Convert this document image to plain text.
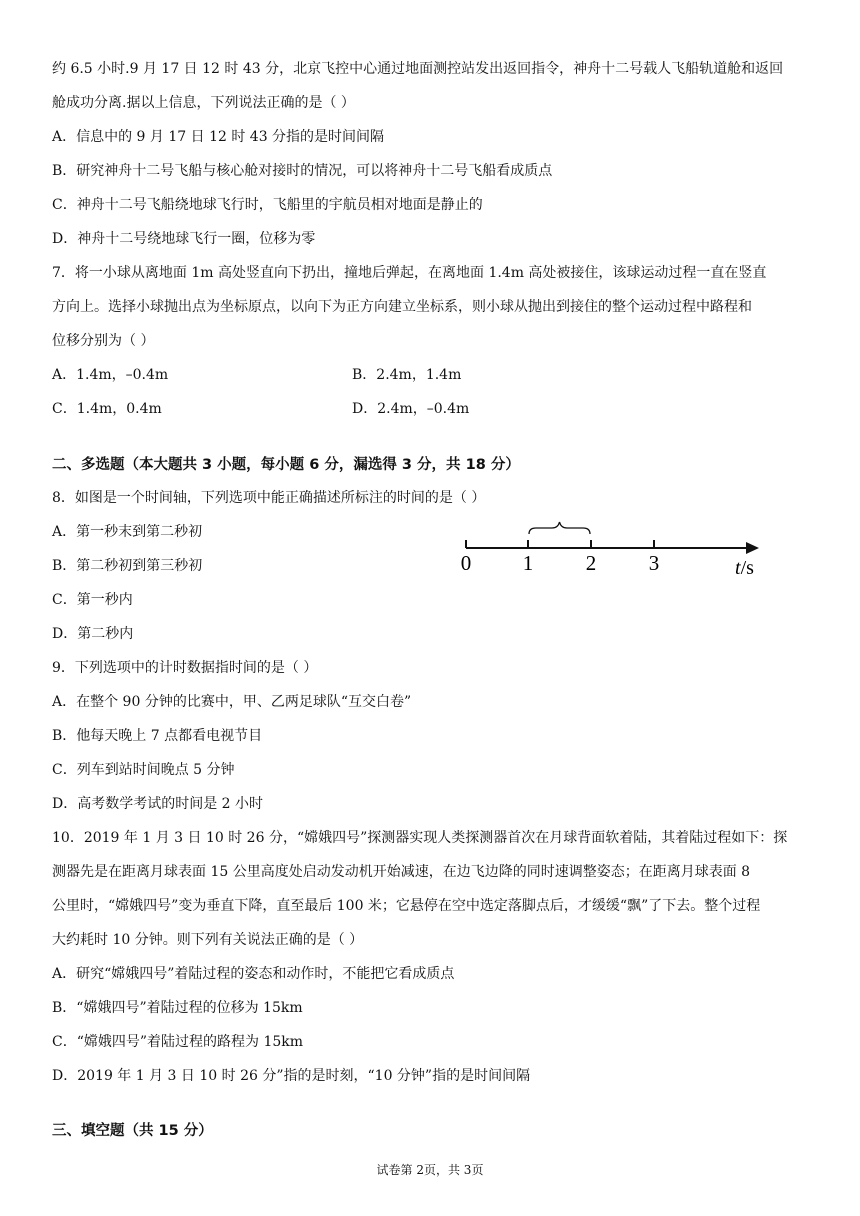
约 6.5 小时.9 月 17 日 12 时 43 分，北京飞控中心通过地面测控站发出返回指令，神舟十二号载人飞船轨道舱和返回
舱成功分离.据以上信息，下列说法正确的是（ ）
A．信息中的 9 月 17 日 12 时 43 分指的是时间间隔
B．研究神舟十二号飞船与核心舱对接时的情况，可以将神舟十二号飞船看成质点
C．神舟十二号飞船绕地球飞行时，飞船里的宇航员相对地面是静止的
D．神舟十二号绕地球飞行一圈，位移为零
7．将一小球从离地面 1m 高处竖直向下扔出，撞地后弹起，在离地面 1.4m 高处被接住，该球运动过程一直在竖直
方向上。选择小球抛出点为坐标原点，以向下为正方向建立坐标系，则小球从抛出到接住的整个运动过程中路程和
位移分别为（ ）
A．1.4m，–0.4m	B．2.4m，1.4m
C．1.4m，0.4m	D．2.4m，–0.4m
二、多选题（本大题共 3 小题，每小题 6 分，漏选得 3 分，共 18 分）
8．如图是一个时间轴，下列选项中能正确描述所标注的时间的是（ ）
A．第一秒末到第二秒初
B．第二秒初到第三秒初
C．第一秒内
D．第二秒内
0 1	2	3	t/s
9．下列选项中的计时数据指时间的是（ ）
A．在整个 90 分钟的比赛中，甲、乙两足球队“互交白卷”
B．他每天晚上 7 点都看电视节目
C．列车到站时间晚点 5 分钟
D．高考数学考试的时间是 2 小时
10．2019 年 1 月 3 日 10 时 26 分，“嫦娥四号”探测器实现人类探测器首次在月球背面软着陆，其着陆过程如下：探
测器先是在距离月球表面 15 公里高度处启动发动机开始减速，在边飞边降的同时速调整姿态；在距离月球表面 8
公里时，“嫦娥四号”变为垂直下降，直至最后 100 米；它悬停在空中选定落脚点后，才缓缓“飘”了下去。整个过程
大约耗时 10 分钟。则下列有关说法正确的是（ ）
A．研究“嫦娥四号”着陆过程的姿态和动作时，不能把它看成质点
B．“嫦娥四号”着陆过程的位移为 15km
C．“嫦娥四号”着陆过程的路程为 15km
D．2019 年 1 月 3 日 10 时 26 分”指的是时刻，“10 分钟”指的是时间间隔
三、填空题（共 15 分）
试卷第 2页，共 3页
